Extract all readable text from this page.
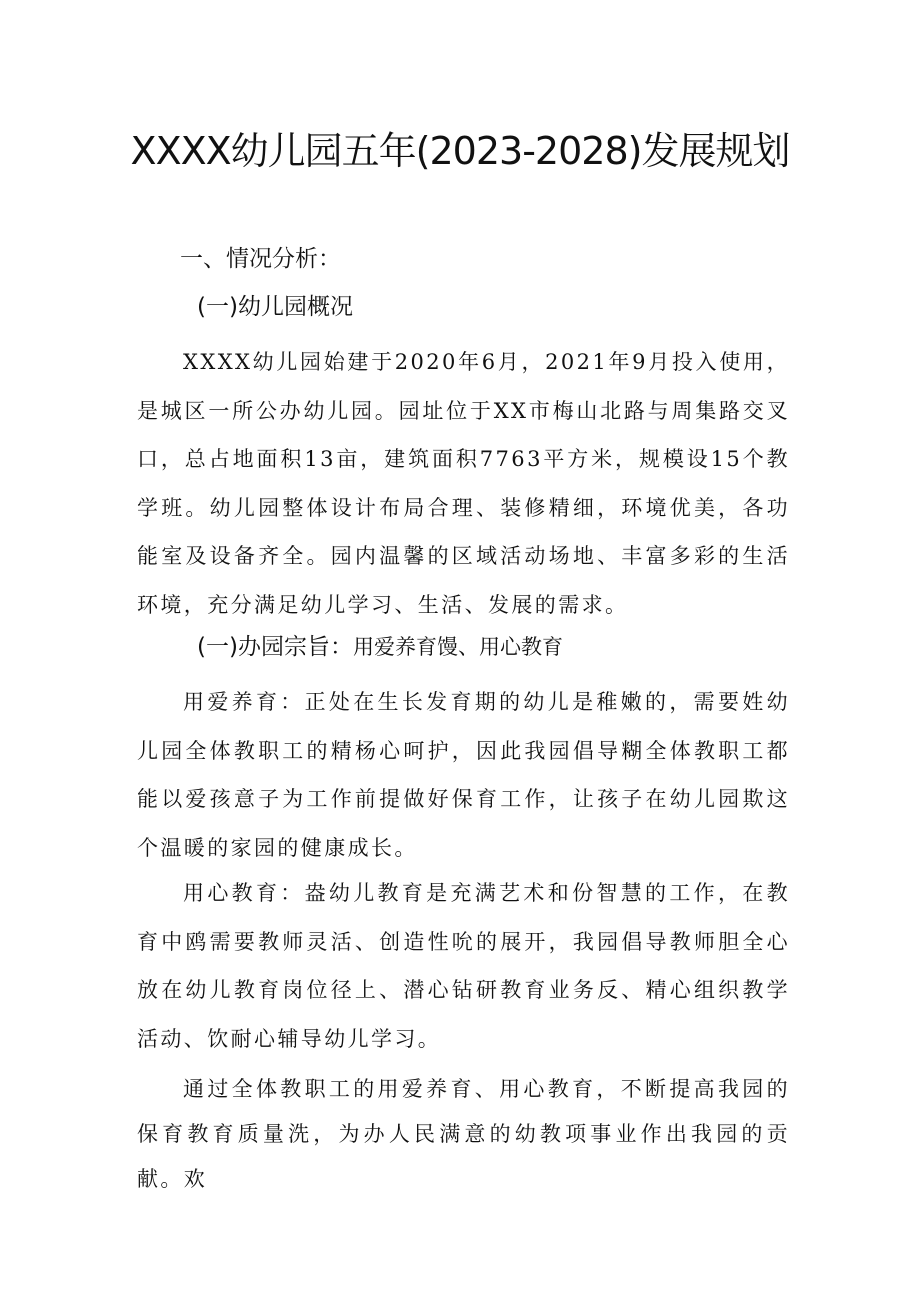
XXXX幼儿园五年(2023-2028)发展规划
一、情况分析：
(一)幼儿园概况

XXXX幼儿园始建于2020年6月，2021年9月投入使用，是城区一所公办幼儿园。园址位于XX市梅山北路与周集路交叉口，总占地面积13亩，建筑面积7763平方米，规模设15个教学班。幼儿园整体设计布局合理、装修精细，环境优美，各功能室及设备齐全。园内温馨的区域活动场地、丰富多彩的生活环境，充分满足幼儿学习、生活、发展的需求。

(一)办园宗旨：用爱养育馒、用心教育

用爱养育：正处在生长发育期的幼儿是稚嫩的，需要姓幼儿园全体教职工的精杨心呵护，因此我园倡导糊全体教职工都能以爱孩意子为工作前提做好保育工作，让孩子在幼儿园欺这个温暖的家园的健康成长。

用心教育：盎幼儿教育是充满艺术和份智慧的工作，在教育中鸥需要教师灵活、创造性吮的展开，我园倡导教师胆全心放在幼儿教育岗位径上、潜心钻研教育业务反、精心组织教学活动、饮耐心辅导幼儿学习。

通过全体教职工的用爱养育、用心教育，不断提高我园的保育教育质量洗，为办人民满意的幼教项事业作出我园的贡献。欢
